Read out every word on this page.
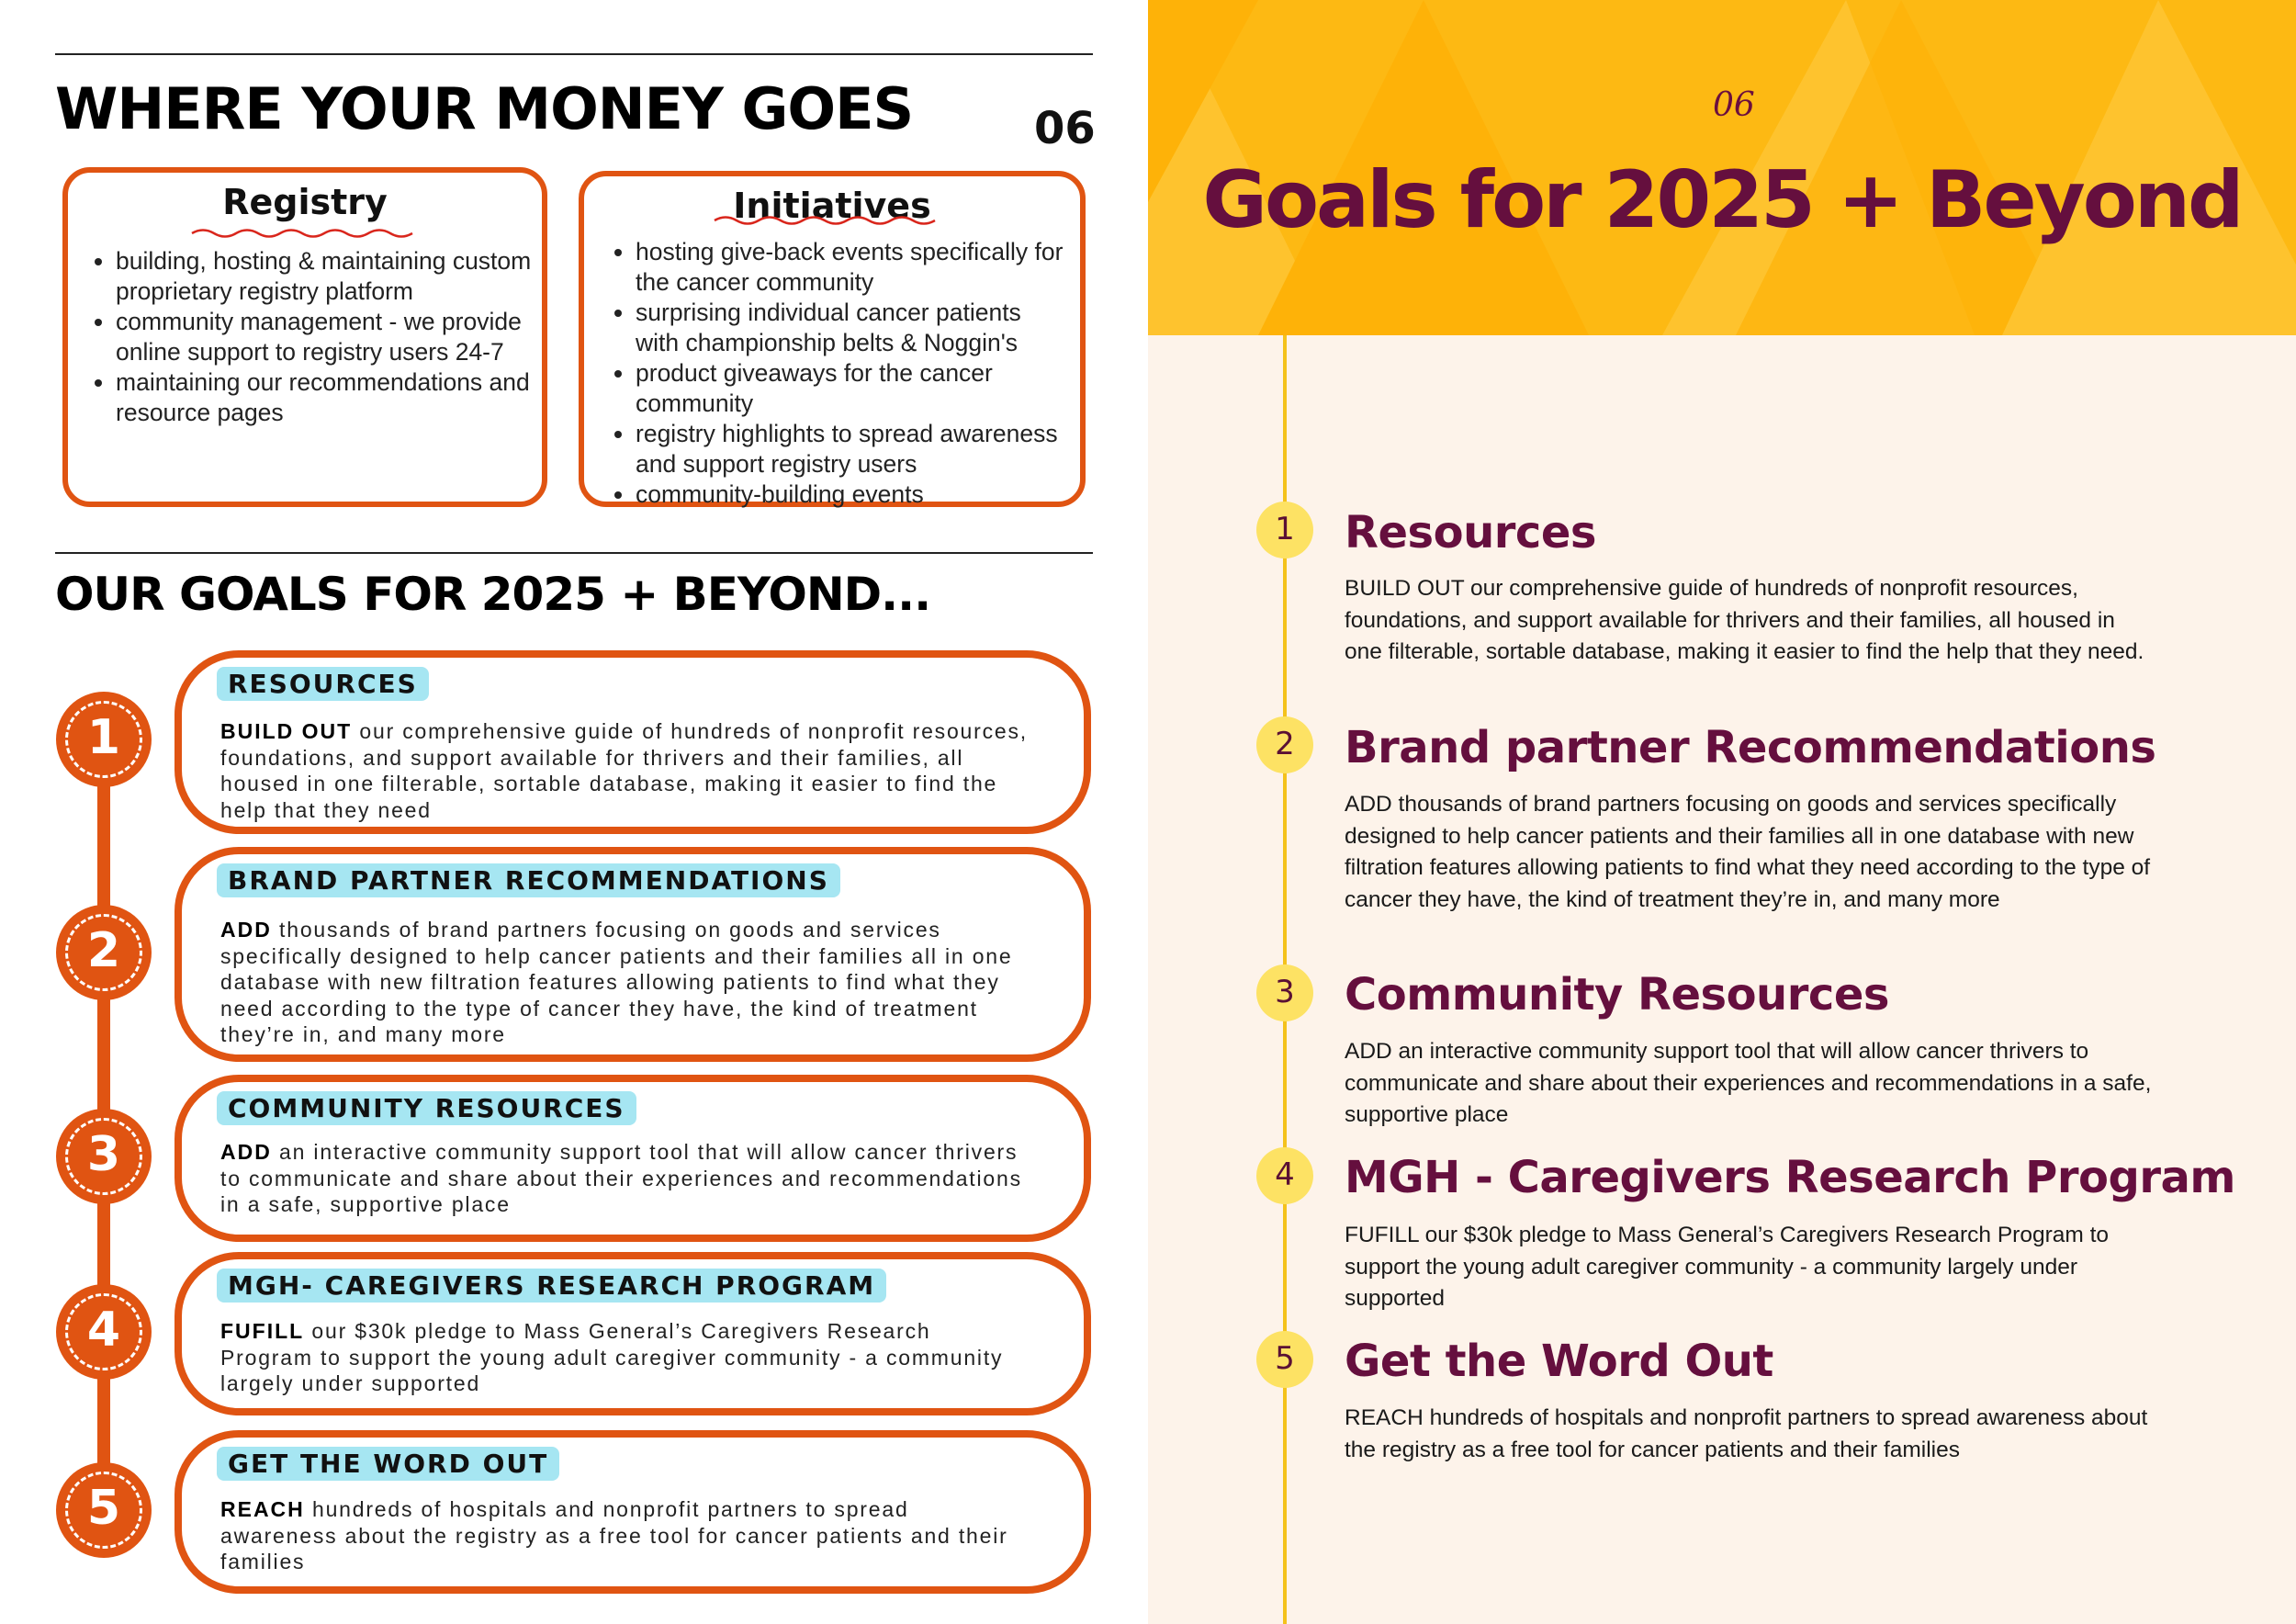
WHERE YOUR MONEY GOES	06
Registry
• building, hosting & maintaining custom proprietary registry platform
• community management - we provide online support to registry users 24-7
• maintaining our recommendations and resource pages
Initiatives
• hosting give-back events specifically for the cancer community
• surprising individual cancer patients with championship belts & Noggin's
• product giveaways for the cancer community
• registry highlights to spread awareness and support registry users
• community-building events
OUR GOALS FOR 2025 + BEYOND...
1
RESOURCES
BUILD OUT our comprehensive guide of hundreds of nonprofit resources, foundations, and support available for thrivers and their families, all housed in one filterable, sortable database, making it easier to find the help that they need
2
BRAND PARTNER RECOMMENDATIONS
ADD thousands of brand partners focusing on goods and services specifically designed to help cancer patients and their families all in one database with new filtration features allowing patients to find what they need according to the type of cancer they have, the kind of treatment they’re in, and many more
3
COMMUNITY RESOURCES
ADD an interactive community support tool that will allow cancer thrivers to communicate and share about their experiences and recommendations in a safe, supportive place
4
MGH- CAREGIVERS RESEARCH PROGRAM
FUFILL our $30k pledge to Mass General’s Caregivers Research Program to support the young adult caregiver community - a community largely under supported
5
GET THE WORD OUT
REACH hundreds of hospitals and nonprofit partners to spread awareness about the registry as a free tool for cancer patients and their families
06
Goals for 2025 + Beyond
1	Resources
BUILD OUT our comprehensive guide of hundreds of nonprofit resources, foundations, and support available for thrivers and their families, all housed in one filterable, sortable database, making it easier to find the help that they need.
2	Brand partner Recommendations
ADD thousands of brand partners focusing on goods and services specifically designed to help cancer patients and their families all in one database with new filtration features allowing patients to find what they need according to the type of cancer they have, the kind of treatment they’re in, and many more
3	Community Resources
ADD an interactive community support tool that will allow cancer thrivers to communicate and share about their experiences and recommendations in a safe, supportive place
4	MGH - Caregivers Research Program
FUFILL our $30k pledge to Mass General’s Caregivers Research Program to support the young adult caregiver community - a community largely under supported
5	Get the Word Out
REACH hundreds of hospitals and nonprofit partners to spread awareness about the registry as a free tool for cancer patients and their families
